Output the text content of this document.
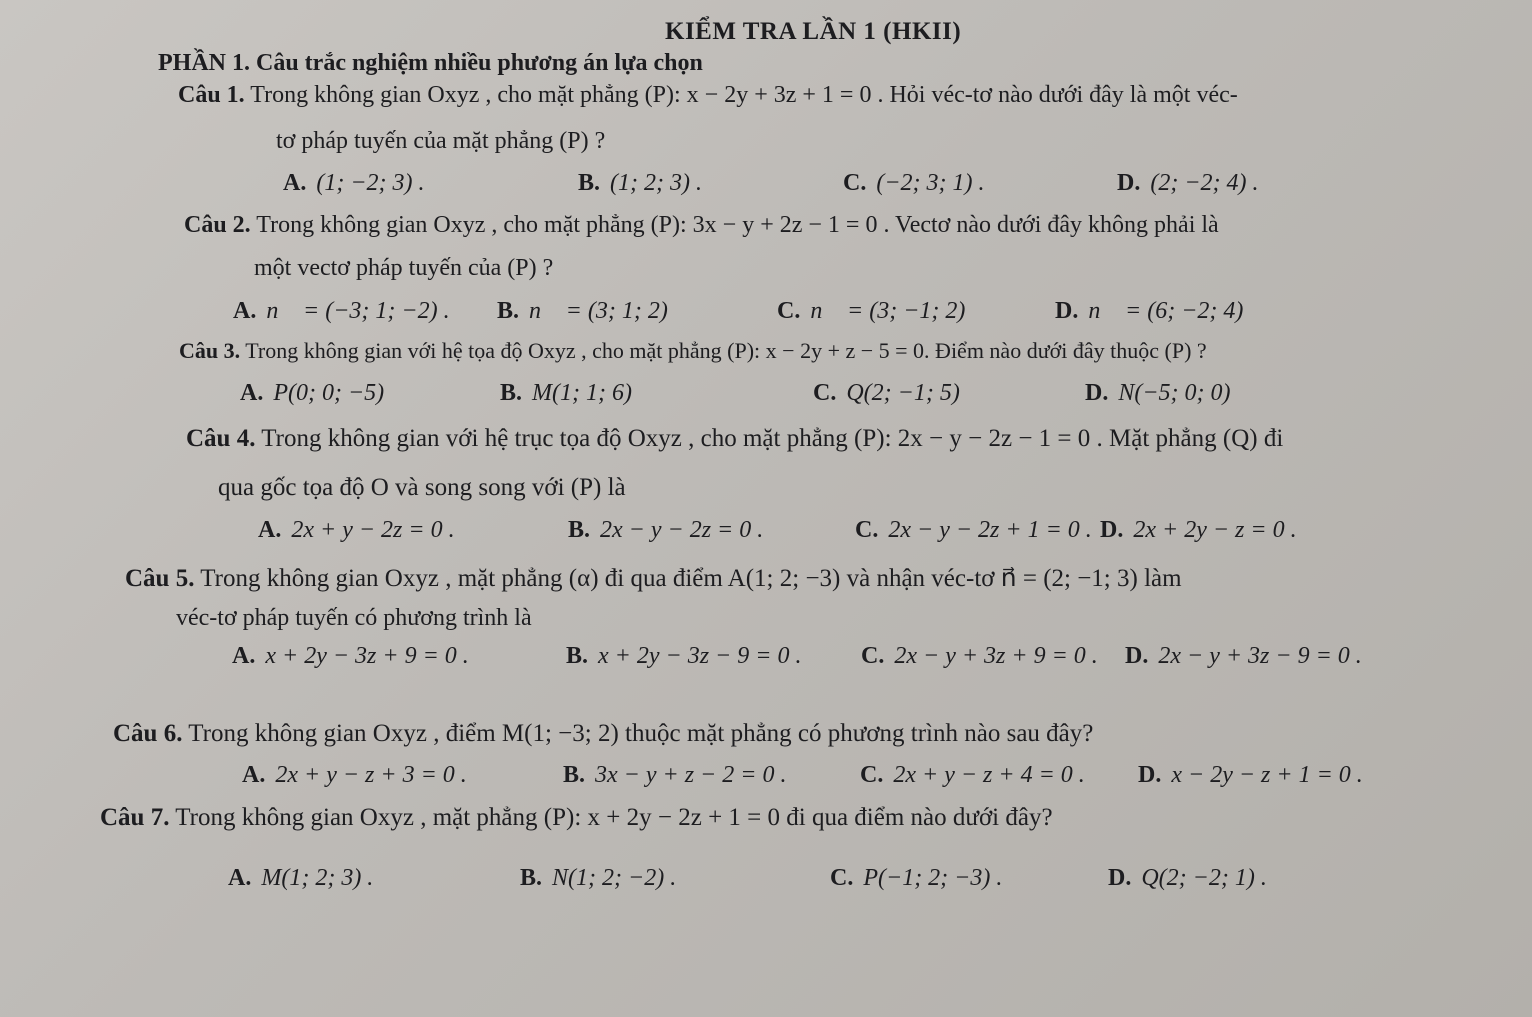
KIỂM TRA LẦN 1 (HKII)
PHẦN 1. Câu trắc nghiệm nhiều phương án lựa chọn
Câu 1. Trong không gian Oxyz , cho mặt phẳng (P): x − 2y + 3z + 1 = 0 . Hỏi véc-tơ nào dưới đây là một véc-
tơ pháp tuyến của mặt phẳng (P) ?
A. (1; −2; 3) .	B. (1; 2; 3) .	C. (−2; 3; 1) .	D. (2; −2; 4) .
Câu 2. Trong không gian Oxyz , cho mặt phẳng (P): 3x − y + 2z − 1 = 0 . Vectơ nào dưới đây không phải là
một vectơ pháp tuyến của (P) ?
A. n⃗ = (−3; 1; −2) . B. n⃗ = (3; 1; 2)	C. n⃗ = (3; −1; 2)	D. n⃗ = (6; −2; 4)
Câu 3. Trong không gian với hệ tọa độ Oxyz , cho mặt phẳng (P): x − 2y + z − 5 = 0. Điểm nào dưới đây thuộc (P) ?
A. P(0; 0; −5)	B. M(1; 1; 6)	C. Q(2; −1; 5)	D. N(−5; 0; 0)
Câu 4. Trong không gian với hệ trục tọa độ Oxyz , cho mặt phẳng (P): 2x − y − 2z − 1 = 0 . Mặt phẳng (Q) đi
qua gốc tọa độ O và song song với (P) là
A. 2x + y − 2z = 0 .	B. 2x − y − 2z = 0 .	C. 2x − y − 2z + 1 = 0 . D. 2x + 2y − z = 0 .
Câu 5. Trong không gian Oxyz , mặt phẳng (α) đi qua điểm A(1; 2; −3) và nhận véc-tơ n⃗ = (2; −1; 3) làm
véc-tơ pháp tuyến có phương trình là
A. x + 2y − 3z + 9 = 0 .	B. x + 2y − 3z − 9 = 0 . C. 2x − y + 3z + 9 = 0 . D. 2x − y + 3z − 9 = 0 .
Câu 6. Trong không gian Oxyz , điểm M(1; −3; 2) thuộc mặt phẳng có phương trình nào sau đây?
A. 2x + y − z + 3 = 0 .	B. 3x − y + z − 2 = 0 .	C. 2x + y − z + 4 = 0 . D. x − 2y − z + 1 = 0 .
Câu 7. Trong không gian Oxyz , mặt phẳng (P): x + 2y − 2z + 1 = 0 đi qua điểm nào dưới đây?
A. M(1; 2; 3) .	B. N(1; 2; −2) .	C. P(−1; 2; −3) .	D. Q(2; −2; 1) .
